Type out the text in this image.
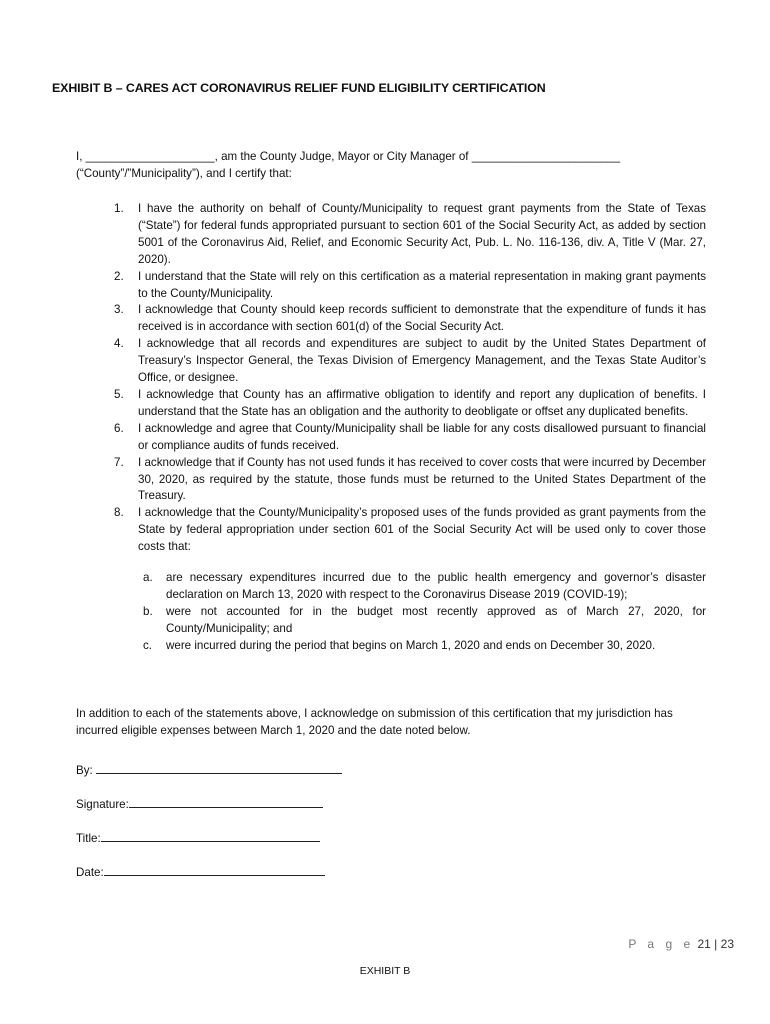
EXHIBIT B – CARES ACT CORONAVIRUS RELIEF FUND ELIGIBILITY CERTIFICATION
I, ____________________, am the County Judge, Mayor or City Manager of _______________________
(“County”/”Municipality”), and I certify that:
1. I have the authority on behalf of County/Municipality to request grant payments from the State of Texas (“State”) for federal funds appropriated pursuant to section 601 of the Social Security Act, as added by section 5001 of the Coronavirus Aid, Relief, and Economic Security Act, Pub. L. No. 116-136, div. A, Title V (Mar. 27, 2020).
2. I understand that the State will rely on this certification as a material representation in making grant payments to the County/Municipality.
3. I acknowledge that County should keep records sufficient to demonstrate that the expenditure of funds it has received is in accordance with section 601(d) of the Social Security Act.
4. I acknowledge that all records and expenditures are subject to audit by the United States Department of Treasury’s Inspector General, the Texas Division of Emergency Management, and the Texas State Auditor’s Office, or designee.
5. I acknowledge that County has an affirmative obligation to identify and report any duplication of benefits. I understand that the State has an obligation and the authority to deobligate or offset any duplicated benefits.
6. I acknowledge and agree that County/Municipality shall be liable for any costs disallowed pursuant to financial or compliance audits of funds received.
7. I acknowledge that if County has not used funds it has received to cover costs that were incurred by December 30, 2020, as required by the statute, those funds must be returned to the United States Department of the Treasury.
8. I acknowledge that the County/Municipality’s proposed uses of the funds provided as grant payments from the State by federal appropriation under section 601 of the Social Security Act will be used only to cover those costs that:
a. are necessary expenditures incurred due to the public health emergency and governor’s disaster declaration on March 13, 2020 with respect to the Coronavirus Disease 2019 (COVID-19);
b. were not accounted for in the budget most recently approved as of March 27, 2020, for County/Municipality; and
c. were incurred during the period that begins on March 1, 2020 and ends on December 30, 2020.
In addition to each of the statements above, I acknowledge on submission of this certification that my jurisdiction has incurred eligible expenses between March 1, 2020 and the date noted below.
By:
Signature:
Title:
Date:
P a g e 21 | 23
EXHIBIT B
